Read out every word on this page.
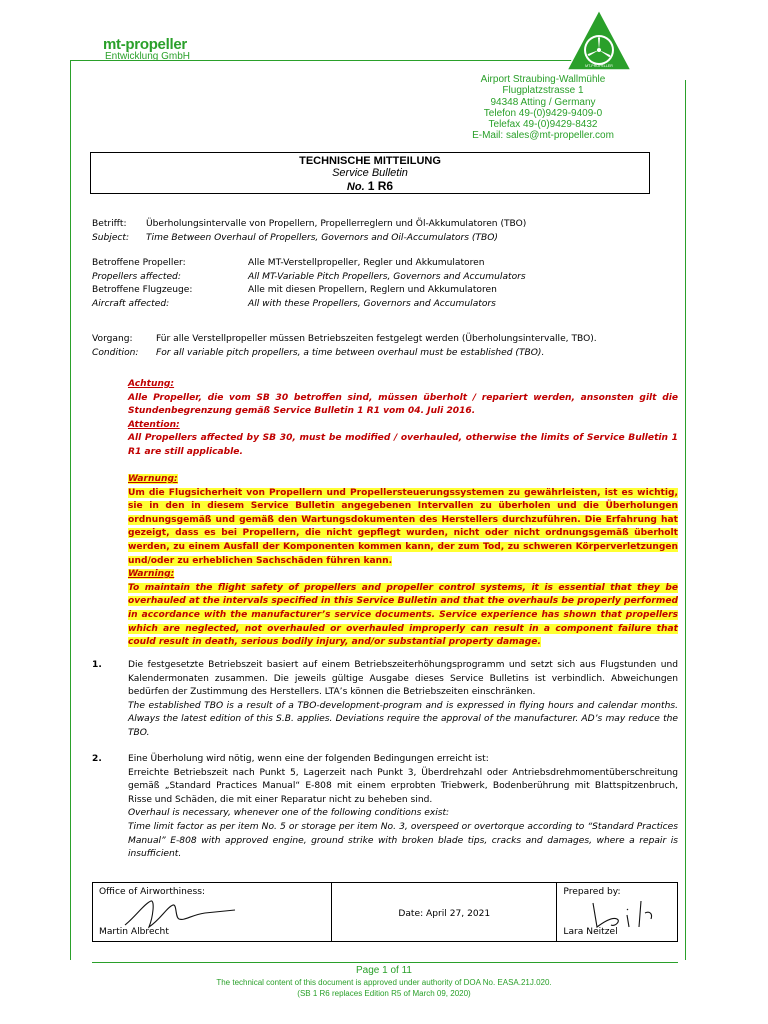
mt-propeller
Entwicklung GmbH
MT-PROPELLER
Airport Straubing-Wallmühle
Flugplatzstrasse 1
94348 Atting / Germany
Telefon 49-(0)9429-9409-0
Telefax 49-(0)9429-8432
E-Mail: sales@mt-propeller.com
TECHNISCHE MITTEILUNG
Service Bulletin
No. 1 R6
Betrifft:	Überholungsintervalle von Propellern, Propellerreglern und Öl-Akkumulatoren (TBO)
Subject:	Time Between Overhaul of Propellers, Governors and Oil-Accumulators (TBO)
Betroffene Propeller:	Alle MT-Verstellpropeller, Regler und Akkumulatoren
Propellers affected:	All MT-Variable Pitch Propellers, Governors and Accumulators
Betroffene Flugzeuge:	Alle mit diesen Propellern, Reglern und Akkumulatoren
Aircraft affected:	All with these Propellers, Governors and Accumulators
Vorgang:	Für alle Verstellpropeller müssen Betriebszeiten festgelegt werden (Überholungsintervalle, TBO).
Condition:	For all variable pitch propellers, a time between overhaul must be established (TBO).
Achtung:
Alle Propeller, die vom SB 30 betroffen sind, müssen überholt / repariert werden, ansonsten gilt die Stundenbegrenzung gemäß Service Bulletin 1 R1 vom 04. Juli 2016.
Attention:
All Propellers affected by SB 30, must be modified / overhauled, otherwise the limits of Service Bulletin 1 R1 are still applicable.
Warnung:
Um die Flugsicherheit von Propellern und Propellersteuerungssystemen zu gewährleisten, ist es wichtig, sie in den in diesem Service Bulletin angegebenen Intervallen zu überholen und die Überholungen ordnungsgemäß und gemäß den Wartungsdokumenten des Herstellers durchzuführen. Die Erfahrung hat gezeigt, dass es bei Propellern, die nicht gepflegt wurden, nicht oder nicht ordnungsgemäß überholt werden, zu einem Ausfall der Komponenten kommen kann, der zum Tod, zu schweren Körperverletzungen und/oder zu erheblichen Sachschäden führen kann.
Warning:
To maintain the flight safety of propellers and propeller control systems, it is essential that they be overhauled at the intervals specified in this Service Bulletin and that the overhauls be properly performed in accordance with the manufacturer’s service documents. Service experience has shown that propellers which are neglected, not overhauled or overhauled improperly can result in a component failure that could result in death, serious bodily injury, and/or substantial property damage.
1.	Die festgesetzte Betriebszeit basiert auf einem Betriebszeiterhöhungsprogramm und setzt sich aus Flugstunden und Kalendermonaten zusammen. Die jeweils gültige Ausgabe dieses Service Bulletins ist verbindlich. Abweichungen bedürfen der Zustimmung des Herstellers. LTA’s können die Betriebszeiten einschränken.
The established TBO is a result of a TBO-development-program and is expressed in flying hours and calendar months. Always the latest edition of this S.B. applies. Deviations require the approval of the manufacturer. AD’s may reduce the TBO.
2.	Eine Überholung wird nötig, wenn eine der folgenden Bedingungen erreicht ist:
Erreichte Betriebszeit nach Punkt 5, Lagerzeit nach Punkt 3, Überdrehzahl oder Antriebsdrehmomentüberschreitung gemäß „Standard Practices Manual“ E-808 mit einem erprobten Triebwerk, Bodenberührung mit Blattspitzenbruch, Risse und Schäden, die mit einer Reparatur nicht zu beheben sind.
Overhaul is necessary, whenever one of the following conditions exist:
Time limit factor as per item No. 5 or storage per item No. 3, overspeed or overtorque according to “Standard Practices Manual” E-808 with approved engine, ground strike with broken blade tips, cracks and damages, where a repair is insufficient.
Office of Airworthiness:
Martin Albrecht
Date: April 27, 2021
Prepared by:
Lara Neitzel
Page 1 of 11
The technical content of this document is approved under authority of DOA No. EASA.21J.020.
(SB 1 R6 replaces Edition R5 of March 09, 2020)
